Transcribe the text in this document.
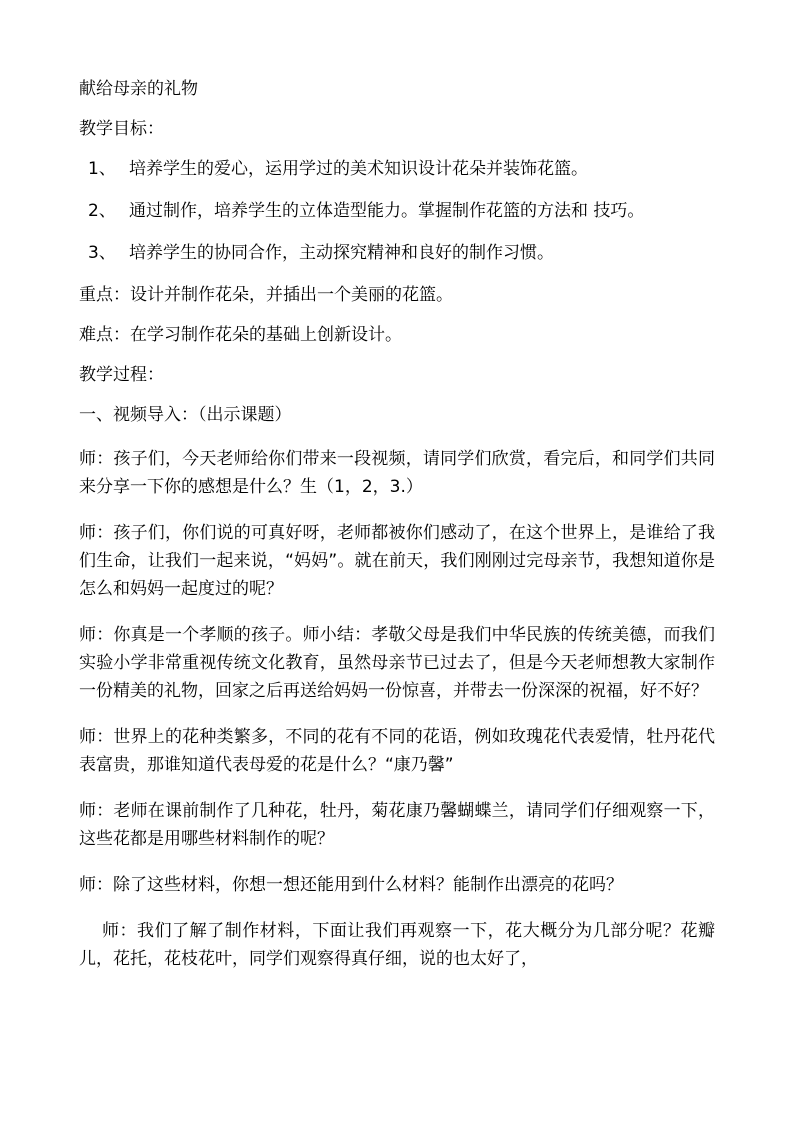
献给母亲的礼物
教学目标：
1、 培养学生的爱心，运用学过的美术知识设计花朵并装饰花篮。
2、 通过制作，培养学生的立体造型能力。掌握制作花篮的方法和 技巧。
3、 培养学生的协同合作，主动探究精神和良好的制作习惯。
重点：设计并制作花朵，并插出一个美丽的花篮。
难点：在学习制作花朵的基础上创新设计。
教学过程：
一、视频导入：（出示课题）
师：孩子们，今天老师给你们带来一段视频，请同学们欣赏，看完后，和同学们共同来分享一下你的感想是什么？生（1，2，3.）
师：孩子们，你们说的可真好呀，老师都被你们感动了，在这个世界上，是谁给了我们生命，让我们一起来说，“妈妈”。就在前天，我们刚刚过完母亲节，我想知道你是怎么和妈妈一起度过的呢？
师：你真是一个孝顺的孩子。师小结：孝敬父母是我们中华民族的传统美德，而我们实验小学非常重视传统文化教育，虽然母亲节已过去了，但是今天老师想教大家制作一份精美的礼物，回家之后再送给妈妈一份惊喜，并带去一份深深的祝福，好不好？
师：世界上的花种类繁多，不同的花有不同的花语，例如玫瑰花代表爱情，牡丹花代表富贵，那谁知道代表母爱的花是什么？“康乃馨”
师：老师在课前制作了几种花，牡丹，菊花康乃馨蝴蝶兰，请同学们仔细观察一下，这些花都是用哪些材料制作的呢？
师：除了这些材料，你想一想还能用到什么材料？能制作出漂亮的花吗？
师：我们了解了制作材料，下面让我们再观察一下，花大概分为几部分呢？花瓣儿，花托，花枝花叶，同学们观察得真仔细，说的也太好了，
